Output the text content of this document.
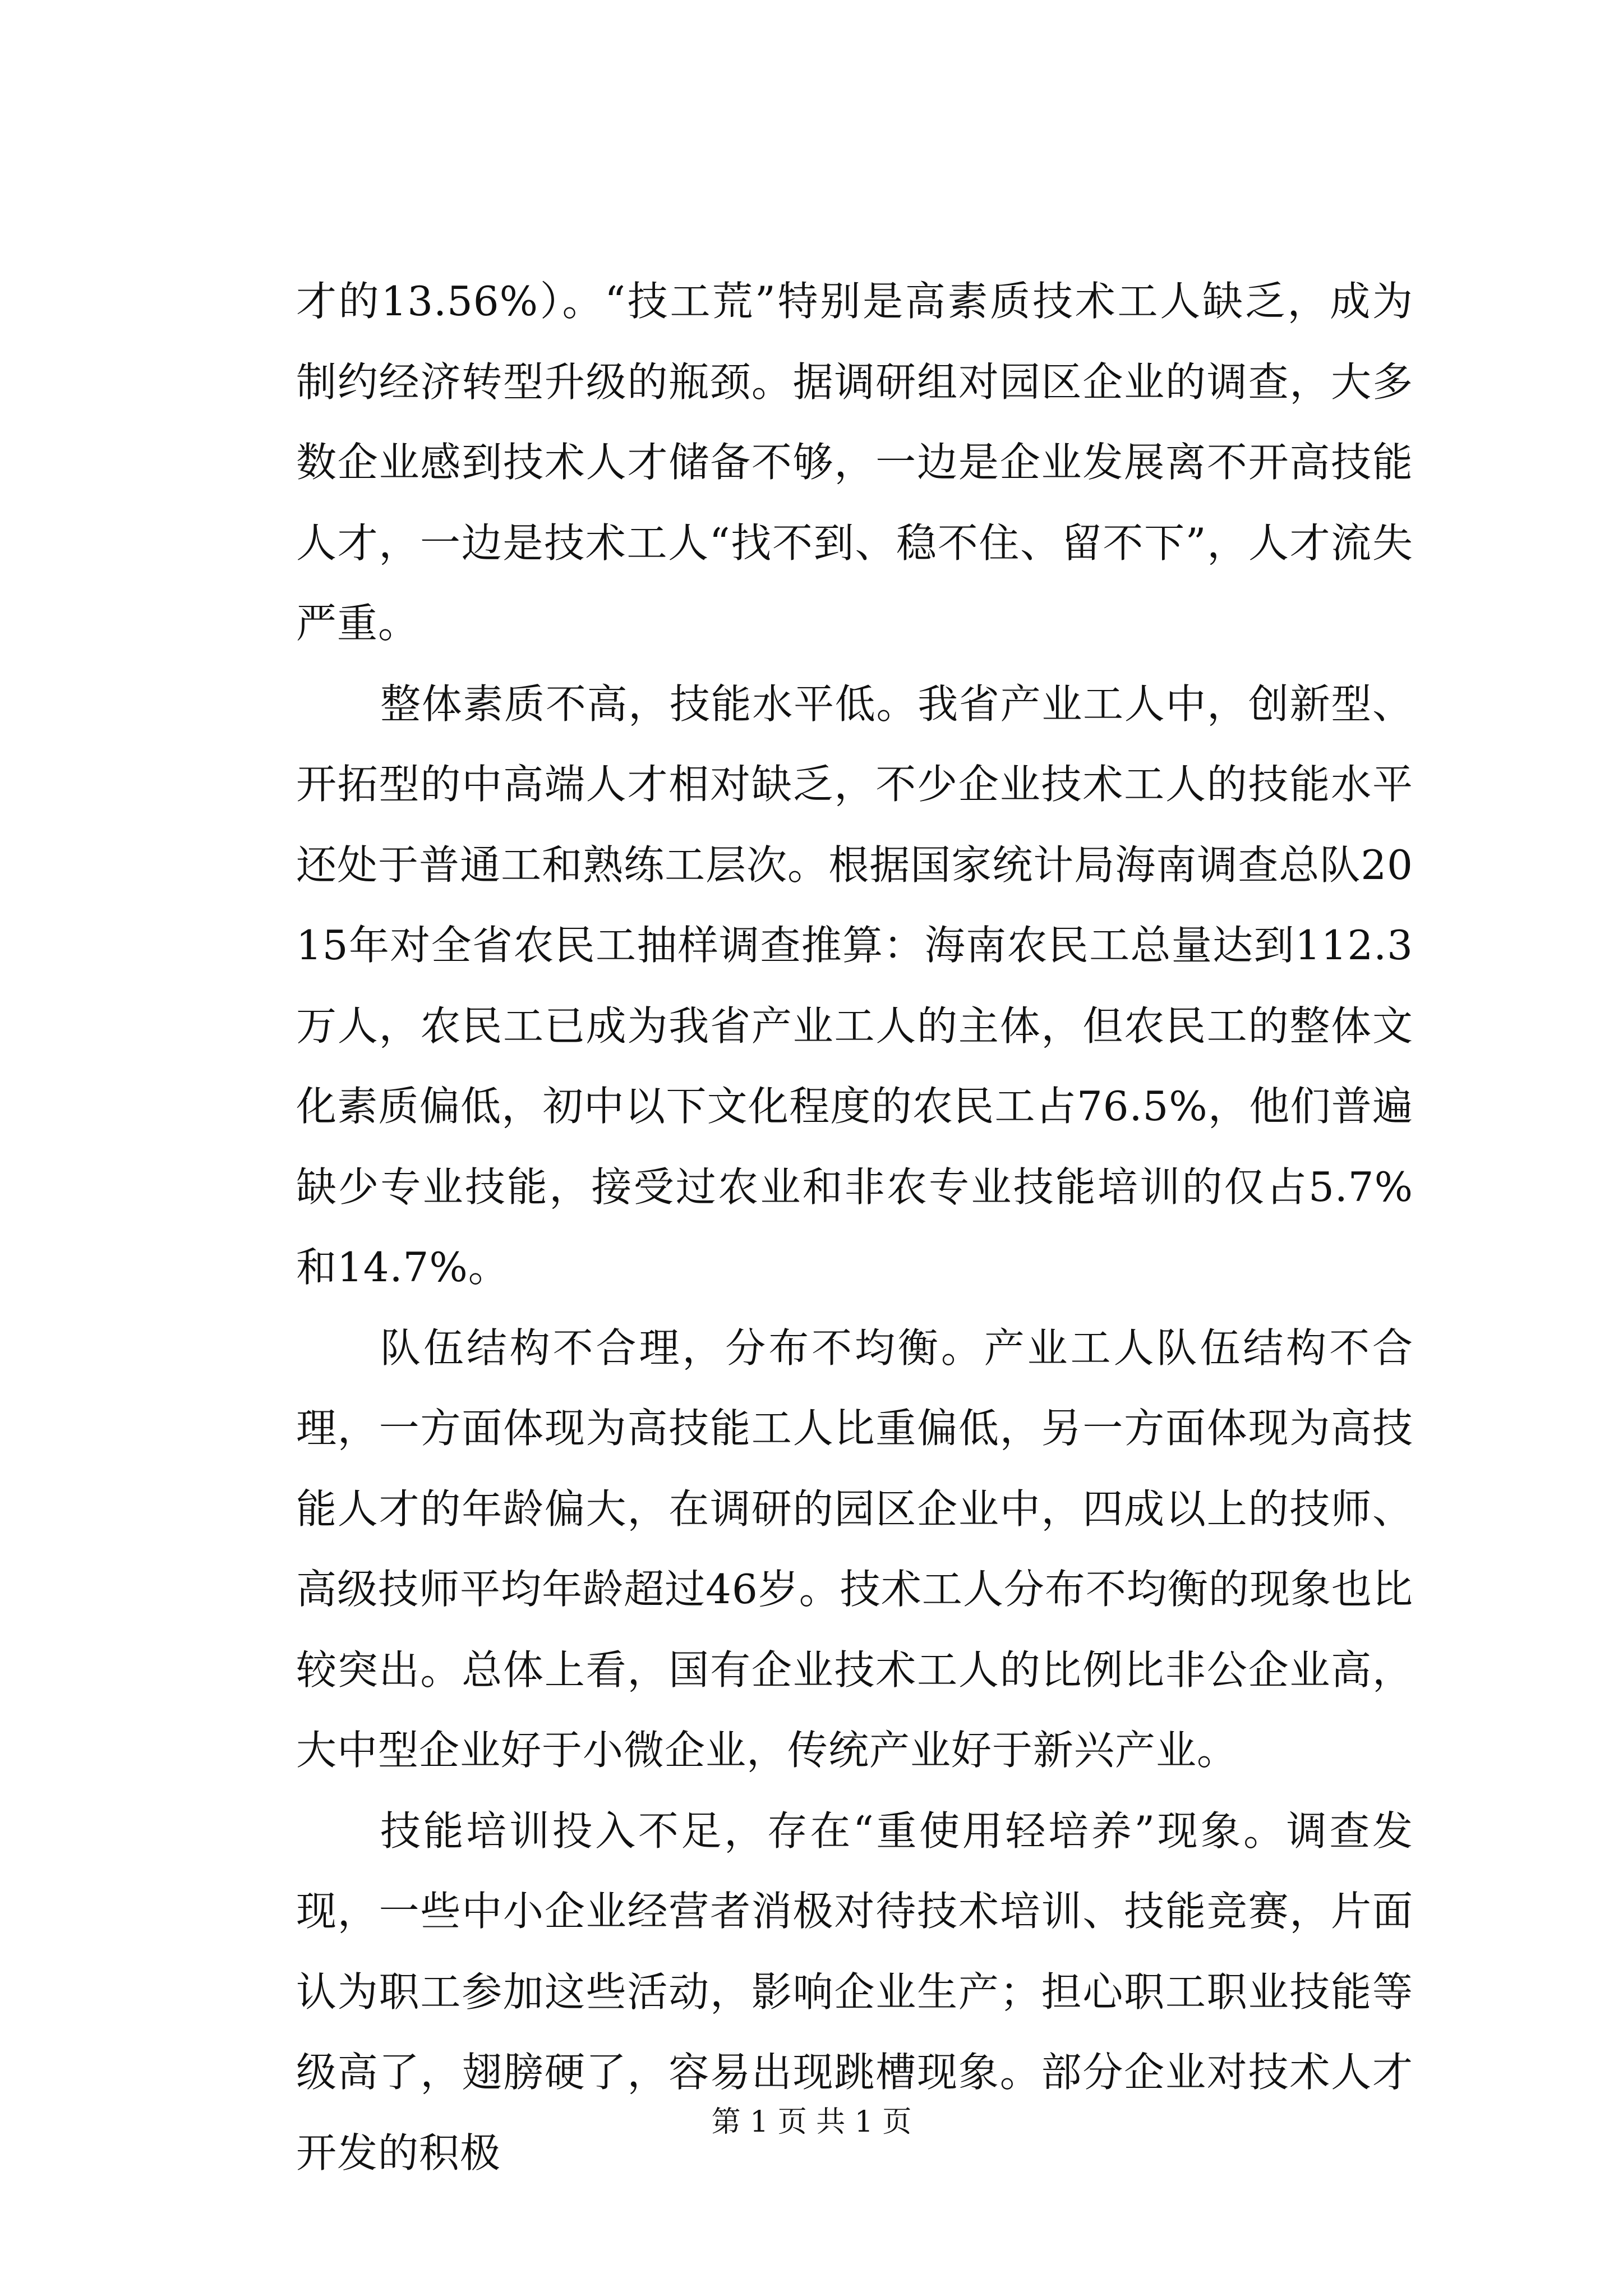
才的13.56%）。“技工荒”特别是高素质技术工人缺乏，成为制约经济转型升级的瓶颈。据调研组对园区企业的调查，大多数企业感到技术人才储备不够，一边是企业发展离不开高技能人才，一边是技术工人“找不到、稳不住、留不下”，人才流失严重。

整体素质不高，技能水平低。我省产业工人中，创新型、开拓型的中高端人才相对缺乏，不少企业技术工人的技能水平还处于普通工和熟练工层次。根据国家统计局海南调查总队2015年对全省农民工抽样调查推算：海南农民工总量达到112.3万人，农民工已成为我省产业工人的主体，但农民工的整体文化素质偏低，初中以下文化程度的农民工占76.5%，他们普遍缺少专业技能，接受过农业和非农专业技能培训的仅占5.7%和14.7%。

队伍结构不合理，分布不均衡。产业工人队伍结构不合理，一方面体现为高技能工人比重偏低，另一方面体现为高技能人才的年龄偏大，在调研的园区企业中，四成以上的技师、高级技师平均年龄超过46岁。技术工人分布不均衡的现象也比较突出。总体上看，国有企业技术工人的比例比非公企业高，大中型企业好于小微企业，传统产业好于新兴产业。

技能培训投入不足，存在“重使用轻培养”现象。调查发现，一些中小企业经营者消极对待技术培训、技能竞赛，片面认为职工参加这些活动，影响企业生产；担心职工职业技能等级高了，翅膀硬了，容易出现跳槽现象。部分企业对技术人才开发的积极

第 1 页 共 1 页
